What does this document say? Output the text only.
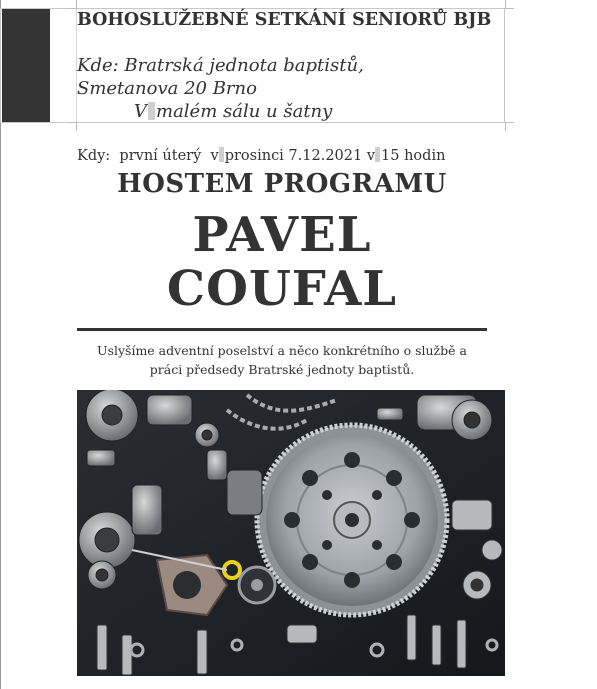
BOHOSLUŽEBNÉ SETKÁNÍ SENIORŮ BJB
Kde: Bratrská jednota baptistů,
Smetanova 20 Brno
V malém sálu u šatny
Kdy: první úterý  v prosinci 7.12.2021 v 15 hodin
HOSTEM PROGRAMU
PAVEL
COUFAL
Uslyšíme adventní poselství a něco konkrétního o službě a
práci předsedy Bratrské jednoty baptistů.
